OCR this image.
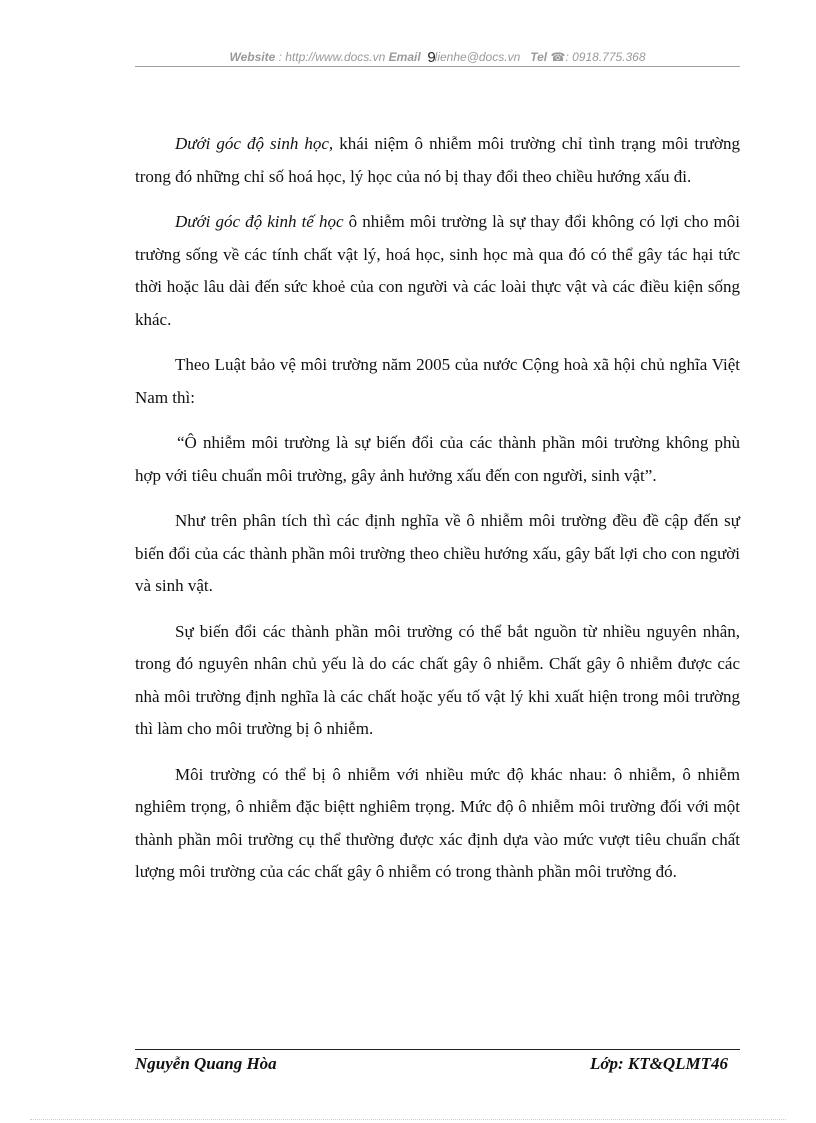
Website : http://www.docs.vn Email 9lienhe@docs.vn   Tel ☎: 0918.775.368

Dưới góc độ sinh học, khái niệm ô nhiễm môi trường chỉ tình trạng môi trường trong đó những chỉ số hoá học, lý học của nó bị thay đổi theo chiều hướng xấu đi.

Dưới góc độ kinh tế học ô nhiễm môi trường là sự thay đổi không có lợi cho môi trường sống về các tính chất vật lý, hoá học, sinh học mà qua đó có thể gây tác hại tức thời hoặc lâu dài đến sức khoẻ của con người và các loài thực vật và các điều kiện sống khác.

Theo Luật bảo vệ môi trường năm 2005 của nước Cộng hoà xã hội chủ nghĩa Việt Nam thì:

“Ô nhiễm môi trường là sự biến đổi của các thành phần môi trường không phù hợp với tiêu chuẩn môi trường, gây ảnh hưởng xấu đến con người, sinh vật”.

Như trên phân tích thì các định nghĩa về ô nhiễm môi trường đều đề cập đến sự biến đổi của các thành phần môi trường theo chiều hướng xấu, gây bất lợi cho con người và sinh vật.

Sự biến đổi các thành phần môi trường có thể bắt nguồn từ nhiều nguyên nhân, trong đó nguyên nhân chủ yếu là do các chất gây ô nhiễm. Chất gây ô nhiễm được các nhà môi trường định nghĩa là các chất hoặc yếu tố vật lý khi xuất hiện trong môi trường thì làm cho môi trường bị ô nhiễm.

Môi trường có thể bị ô nhiễm với nhiều mức độ khác nhau: ô nhiễm, ô nhiễm nghiêm trọng, ô nhiễm đặc biệtt nghiêm trọng. Mức độ ô nhiễm môi trường đối với một thành phần môi trường cụ thể thường được xác định dựa vào mức vượt tiêu chuẩn chất lượng môi trường của các chất gây ô nhiễm có trong thành phần môi trường đó.

Nguyễn Quang Hòa	Lớp: KT&QLMT46
